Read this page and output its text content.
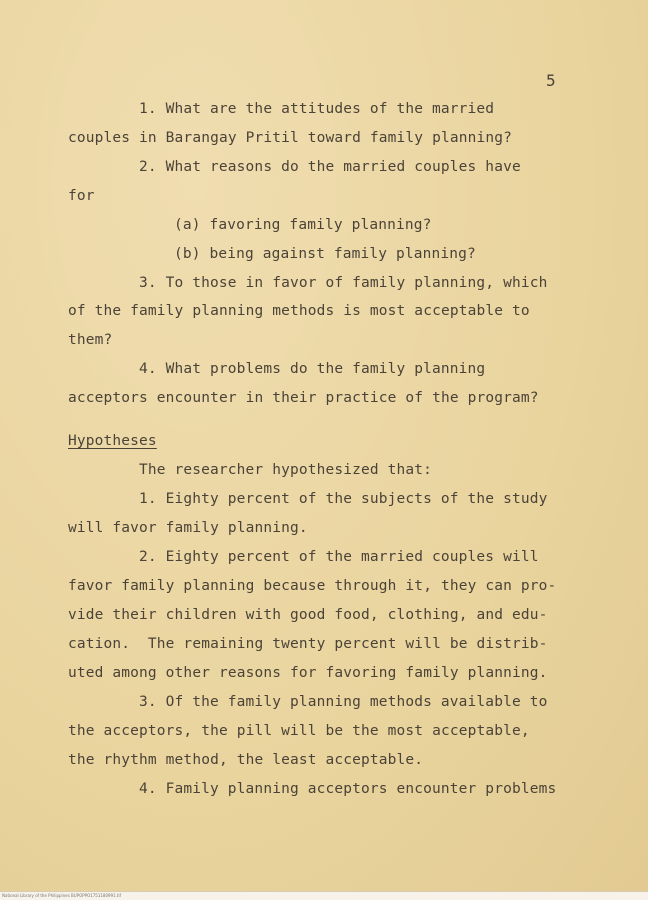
5
1. What are the attitudes of the married
couples in Barangay Pritil toward family planning?
2. What reasons do the married couples have
for
(a) favoring family planning?
(b) being against family planning?
3. To those in favor of family planning, which
of the family planning methods is most acceptable to
them?
4. What problems do the family planning
acceptors encounter in their practice of the program?
Hypotheses
The researcher hypothesized that:
1. Eighty percent of the subjects of the study
will favor family planning.
2. Eighty percent of the married couples will
favor family planning because through it, they can pro-
vide their children with good food, clothing, and edu-
cation.  The remaining twenty percent will be distrib-
uted among other reasons for favoring family planning.
3. Of the family planning methods available to
the acceptors, the pill will be the most acceptable,
the rhythm method, the least acceptable.
4. Family planning acceptors encounter problems
National Library of the Philippines BUPOPPO1751180991.tif
